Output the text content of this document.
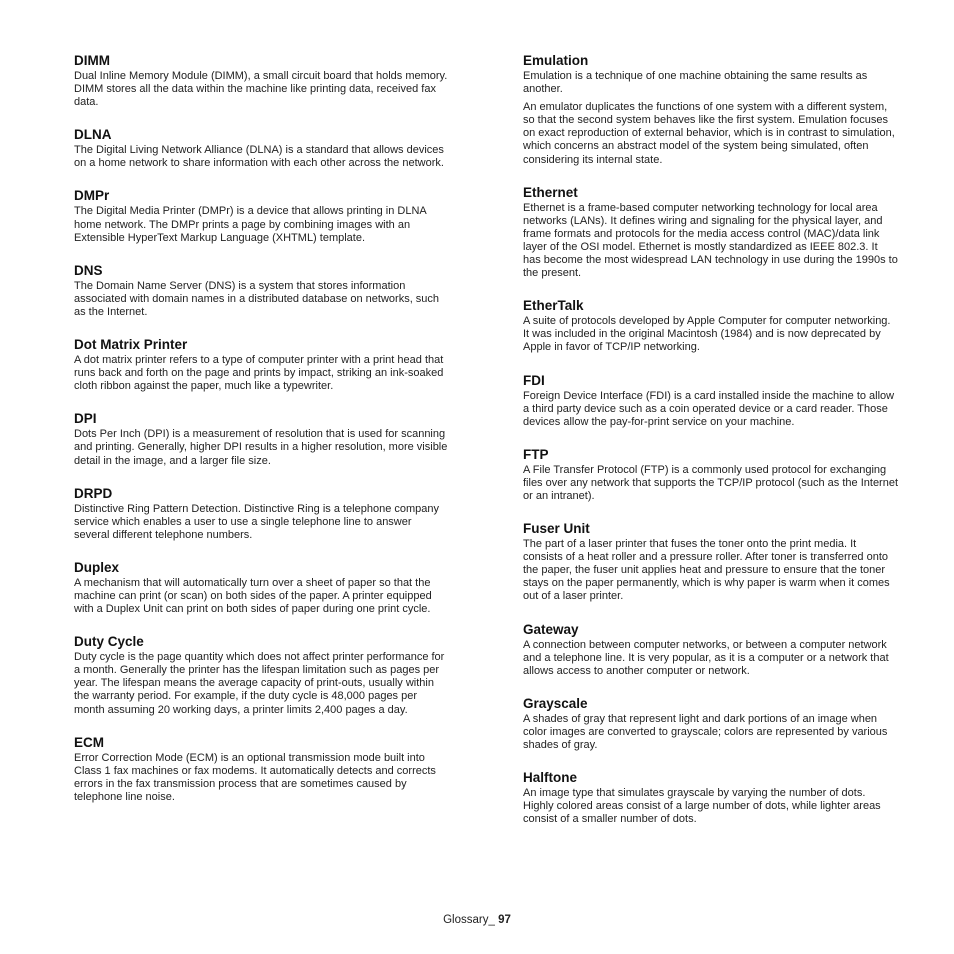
DIMM

Dual Inline Memory Module (DIMM), a small circuit board that holds memory. DIMM stores all the data within the machine like printing data, received fax data.

DLNA

The Digital Living Network Alliance (DLNA) is a standard that allows devices on a home network to share information with each other across the network.

DMPr

The Digital Media Printer (DMPr) is a device that allows printing in DLNA home network. The DMPr prints a page by combining images with an Extensible HyperText Markup Language (XHTML) template.

DNS

The Domain Name Server (DNS) is a system that stores information associated with domain names in a distributed database on networks, such as the Internet.

Dot Matrix Printer

A dot matrix printer refers to a type of computer printer with a print head that runs back and forth on the page and prints by impact, striking an ink-soaked cloth ribbon against the paper, much like a typewriter.

DPI

Dots Per Inch (DPI) is a measurement of resolution that is used for scanning and printing. Generally, higher DPI results in a higher resolution, more visible detail in the image, and a larger file size.

DRPD

Distinctive Ring Pattern Detection. Distinctive Ring is a telephone company service which enables a user to use a single telephone line to answer several different telephone numbers.

Duplex

A mechanism that will automatically turn over a sheet of paper so that the machine can print (or scan) on both sides of the paper. A printer equipped with a Duplex Unit can print on both sides of paper during one print cycle.

Duty Cycle

Duty cycle is the page quantity which does not affect printer performance for a month. Generally the printer has the lifespan limitation such as pages per year. The lifespan means the average capacity of print-outs, usually within the warranty period. For example, if the duty cycle is 48,000 pages per month assuming 20 working days, a printer limits 2,400 pages a day.

ECM

Error Correction Mode (ECM) is an optional transmission mode built into Class 1 fax machines or fax modems. It automatically detects and corrects errors in the fax transmission process that are sometimes caused by telephone line noise.

Emulation

Emulation is a technique of one machine obtaining the same results as another.

An emulator duplicates the functions of one system with a different system, so that the second system behaves like the first system. Emulation focuses on exact reproduction of external behavior, which is in contrast to simulation, which concerns an abstract model of the system being simulated, often considering its internal state.

Ethernet

Ethernet is a frame-based computer networking technology for local area networks (LANs). It defines wiring and signaling for the physical layer, and frame formats and protocols for the media access control (MAC)/data link layer of the OSI model. Ethernet is mostly standardized as IEEE 802.3. It has become the most widespread LAN technology in use during the 1990s to the present.

EtherTalk

A suite of protocols developed by Apple Computer for computer networking. It was included in the original Macintosh (1984) and is now deprecated by Apple in favor of TCP/IP networking.

FDI

Foreign Device Interface (FDI) is a card installed inside the machine to allow a third party device such as a coin operated device or a card reader. Those devices allow the pay-for-print service on your machine.

FTP

A File Transfer Protocol (FTP) is a commonly used protocol for exchanging files over any network that supports the TCP/IP protocol (such as the Internet or an intranet).

Fuser Unit

The part of a laser printer that fuses the toner onto the print media. It consists of a heat roller and a pressure roller. After toner is transferred onto the paper, the fuser unit applies heat and pressure to ensure that the toner stays on the paper permanently, which is why paper is warm when it comes out of a laser printer.

Gateway

A connection between computer networks, or between a computer network and a telephone line. It is very popular, as it is a computer or a network that allows access to another computer or network.

Grayscale

A shades of gray that represent light and dark portions of an image when color images are converted to grayscale; colors are represented by various shades of gray.

Halftone

An image type that simulates grayscale by varying the number of dots. Highly colored areas consist of a large number of dots, while lighter areas consist of a smaller number of dots.

Glossary_ 97
